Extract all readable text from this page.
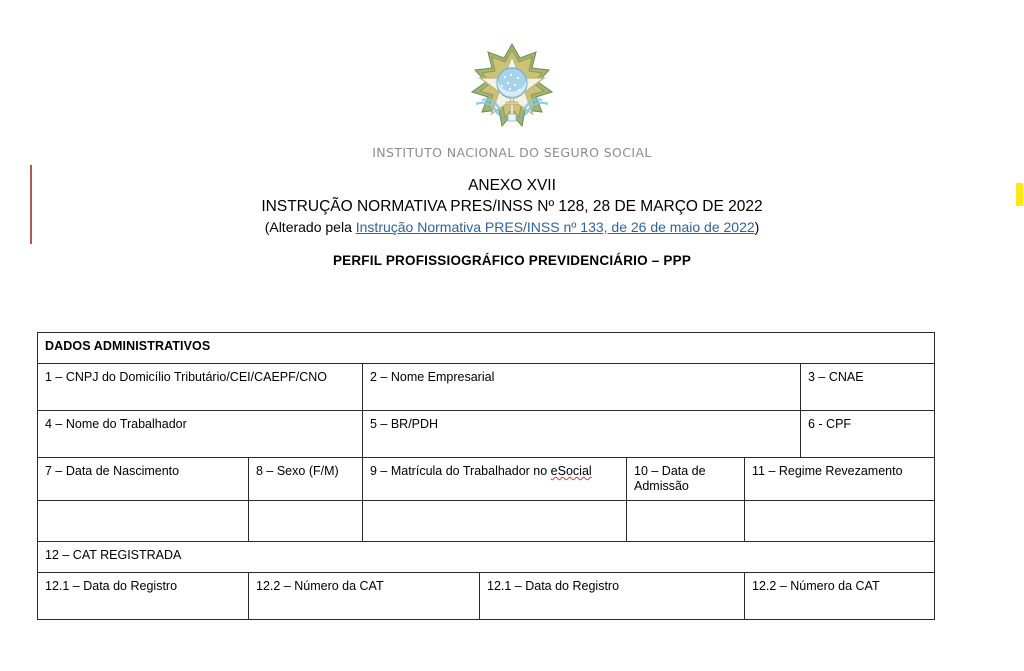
INSTITUTO NACIONAL DO SEGURO SOCIAL
ANEXO XVII
INSTRUÇÃO NORMATIVA PRES/INSS Nº 128, 28 DE MARÇO DE 2022
(Alterado pela Instrução Normativa PRES/INSS nº 133, de 26 de maio de 2022)
PERFIL PROFISSIOGRÁFICO PREVIDENCIÁRIO – PPP
DADOS ADMINISTRATIVOS						
1 – CNPJ do Domicílio Tributário/CEI/CAEPF/CNO		2 – Nome Empresarial				3 – CNAE
4 – Nome do Trabalhador		5 – BR/PDH				6 - CPF
7 – Data de Nascimento	8 – Sexo (F/M)	9 – Matrícula do Trabalhador no eSocial		10 – Data de Admissão	11 – Regime Revezamento	

12 – CAT REGISTRADA						
12.1 – Data do Registro	12.2 – Número da CAT		12.1 – Data do Registro		12.2 – Número da CAT	
